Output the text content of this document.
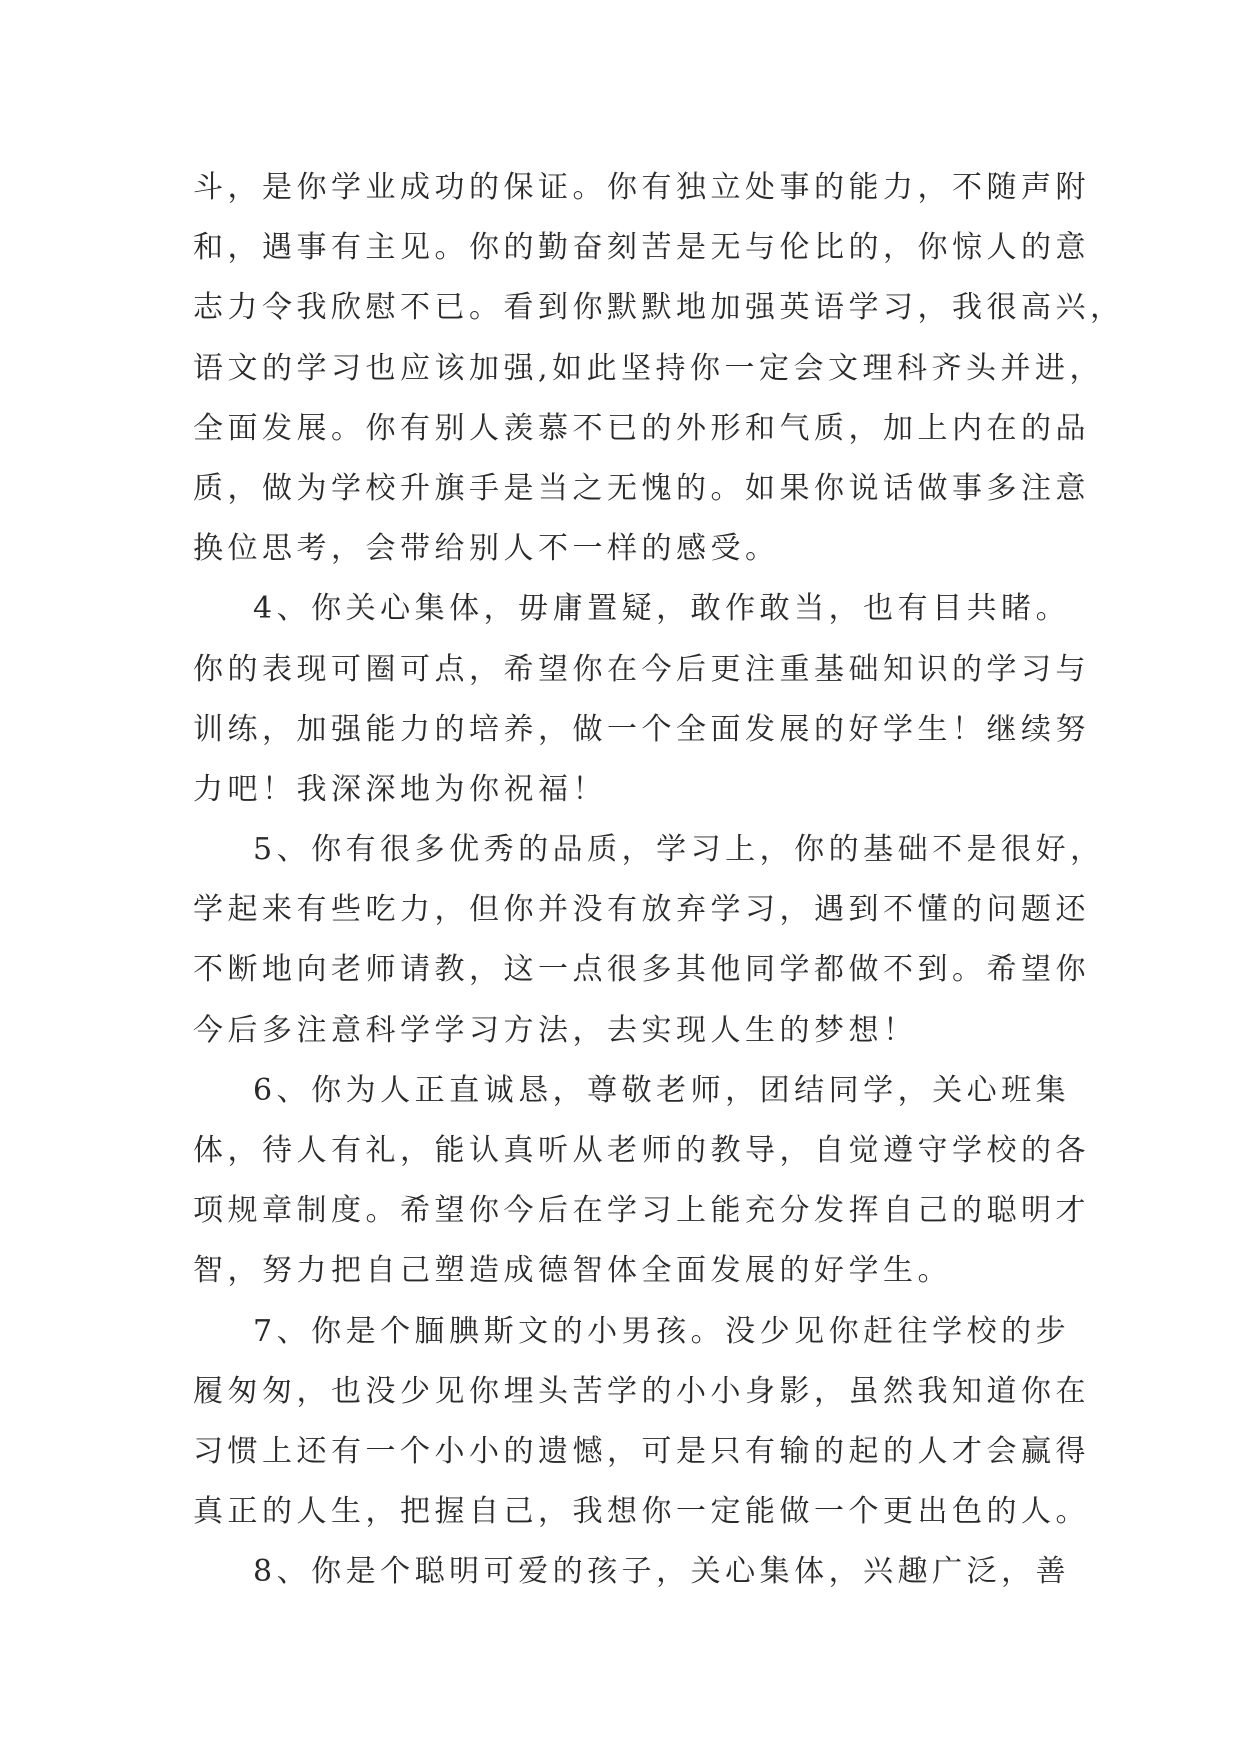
斗，是你学业成功的保证。你有独立处事的能力，不随声附
和，遇事有主见。你的勤奋刻苦是无与伦比的，你惊人的意
志力令我欣慰不已。看到你默默地加强英语学习，我很高兴，
语文的学习也应该加强,如此坚持你一定会文理科齐头并进，
全面发展。你有别人羡慕不已的外形和气质，加上内在的品
质，做为学校升旗手是当之无愧的。如果你说话做事多注意
换位思考，会带给别人不一样的感受。
4、你关心集体，毋庸置疑，敢作敢当，也有目共睹。
你的表现可圈可点，希望你在今后更注重基础知识的学习与
训练，加强能力的培养，做一个全面发展的好学生！继续努
力吧！我深深地为你祝福！
5、你有很多优秀的品质，学习上，你的基础不是很好，
学起来有些吃力，但你并没有放弃学习，遇到不懂的问题还
不断地向老师请教，这一点很多其他同学都做不到。希望你
今后多注意科学学习方法，去实现人生的梦想！
6、你为人正直诚恳，尊敬老师，团结同学，关心班集
体，待人有礼，能认真听从老师的教导，自觉遵守学校的各
项规章制度。希望你今后在学习上能充分发挥自己的聪明才
智，努力把自己塑造成德智体全面发展的好学生。
7、你是个腼腆斯文的小男孩。没少见你赶往学校的步
履匆匆，也没少见你埋头苦学的小小身影，虽然我知道你在
习惯上还有一个小小的遗憾，可是只有输的起的人才会赢得
真正的人生，把握自己，我想你一定能做一个更出色的人。
8、你是个聪明可爱的孩子，关心集体，兴趣广泛，善
